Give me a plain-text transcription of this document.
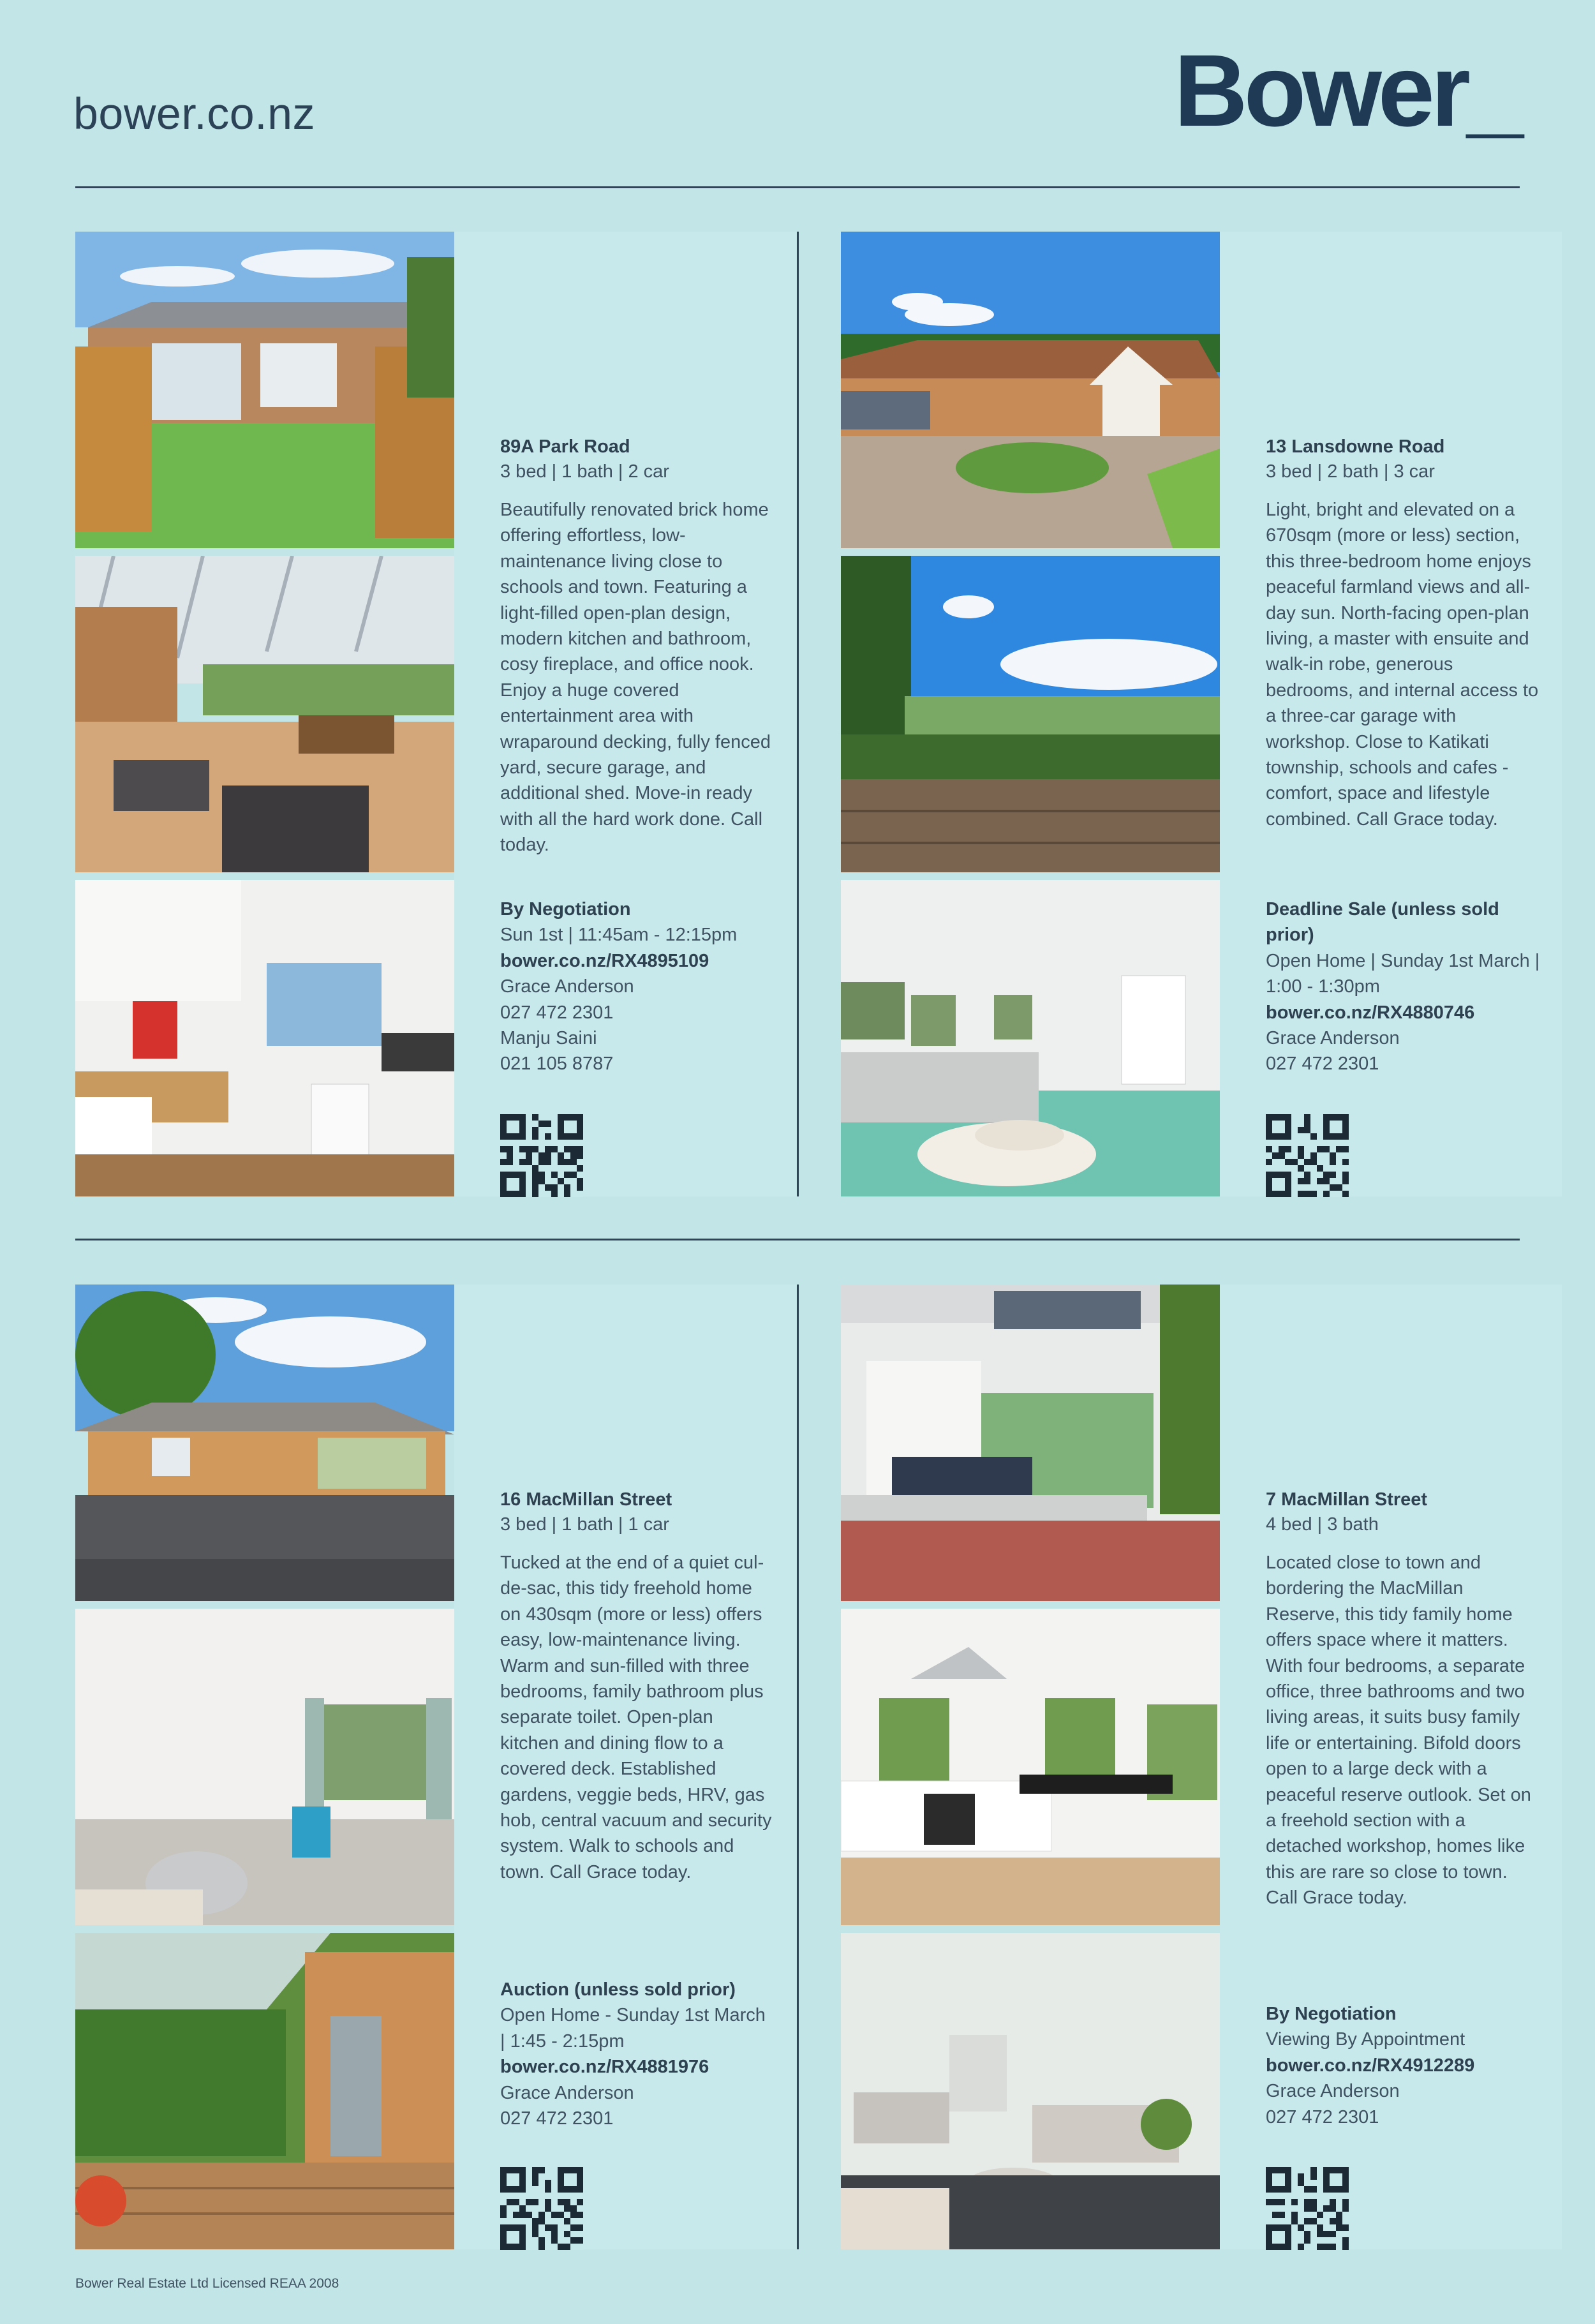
bower.co.nz	Bower_
89A Park Road
3 bed | 1 bath | 2 car
Beautifully renovated brick home offering effortless, low-maintenance living close to schools and town. Featuring a light-filled open-plan design, modern kitchen and bathroom, cosy fireplace, and office nook. Enjoy a huge covered entertainment area with wraparound decking, fully fenced yard, secure garage, and additional shed. Move-in ready with all the hard work done. Call today.
By Negotiation
Sun 1st | 11:45am - 12:15pm
bower.co.nz/RX4895109
Grace Anderson
027 472 2301
Manju Saini
021 105 8787
13 Lansdowne Road
3 bed | 2 bath | 3 car
Light, bright and elevated on a 670sqm (more or less) section, this three-bedroom home enjoys peaceful farmland views and all-day sun. North-facing open-plan living, a master with ensuite and walk-in robe, generous bedrooms, and internal access to a three-car garage with workshop. Close to Katikati township, schools and cafes - comfort, space and lifestyle combined. Call Grace today.
Deadline Sale (unless sold prior)
Open Home | Sunday 1st March | 1:00 - 1:30pm
bower.co.nz/RX4880746
Grace Anderson
027 472 2301
16 MacMillan Street
3 bed | 1 bath | 1 car
Tucked at the end of a quiet cul-de-sac, this tidy freehold home on 430sqm (more or less) offers easy, low-maintenance living. Warm and sun-filled with three bedrooms, family bathroom plus separate toilet. Open-plan kitchen and dining flow to a covered deck. Established gardens, veggie beds, HRV, gas hob, central vacuum and security system. Walk to schools and town. Call Grace today.
Auction (unless sold prior)
Open Home - Sunday 1st March | 1:45 - 2:15pm
bower.co.nz/RX4881976
Grace Anderson
027 472 2301
7 MacMillan Street
4 bed | 3 bath
Located close to town and bordering the MacMillan Reserve, this tidy family home offers space where it matters. With four bedrooms, a separate office, three bathrooms and two living areas, it suits busy family life or entertaining. Bifold doors open to a large deck with a peaceful reserve outlook. Set on a freehold section with a detached workshop, homes like this are rare so close to town. Call Grace today.
By Negotiation
Viewing By Appointment
bower.co.nz/RX4912289
Grace Anderson
027 472 2301
Bower Real Estate Ltd Licensed REAA 2008
